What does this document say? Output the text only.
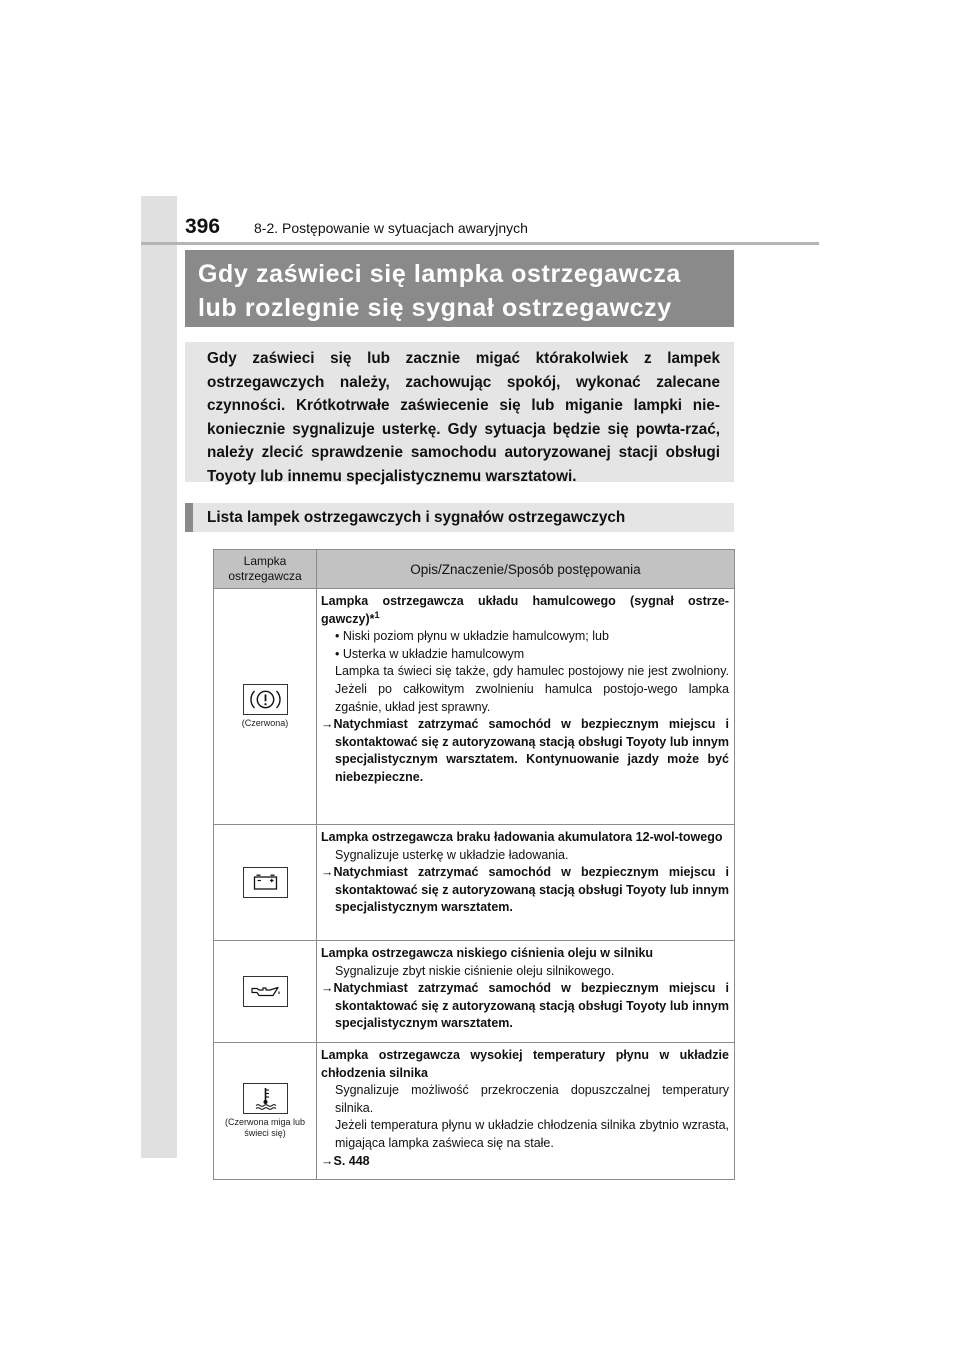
396 8-2. Postępowanie w sytuacjach awaryjnych
Gdy zaświeci się lampka ostrzegawcza
lub rozlegnie się sygnał ostrzegawczy
Gdy zaświeci się lub zacznie migać którakolwiek z lampek ostrzegawczych należy, zachowując spokój, wykonać zalecane czynności. Krótkotrwałe zaświecenie się lub miganie lampki nie-koniecznie sygnalizuje usterkę. Gdy sytuacja będzie się powta-rzać, należy zlecić sprawdzenie samochodu autoryzowanej stacji obsługi Toyoty lub innemu specjalistycznemu warsztatowi.
Lista lampek ostrzegawczych i sygnałów ostrzegawczych
Lampka ostrzegawcza	Opis/Znaczenie/Sposób postępowania

(Czerwona)	Lampka ostrzegawcza układu hamulcowego (sygnał ostrze-gawczy)*$^1$
• Niski poziom płynu w układzie hamulcowym; lub
• Usterka w układzie hamulcowym
Lampka ta świeci się także, gdy hamulec postojowy nie jest zwolniony. Jeżeli po całkowitym zwolnieniu hamulca postojo-wego lampka zgaśnie, układ jest sprawny.
→Natychmiast zatrzymać samochód w bezpiecznym miejscu i skontaktować się z autoryzowaną stacją obsługi Toyoty lub innym specjalistycznym warsztatem. Kontynuowanie jazdy może być niebezpieczne.

Lampka ostrzegawcza braku ładowania akumulatora 12-wol-towego
Sygnalizuje usterkę w układzie ładowania.
→Natychmiast zatrzymać samochód w bezpiecznym miejscu i skontaktować się z autoryzowaną stacją obsługi Toyoty lub innym specjalistycznym warsztatem.

Lampka ostrzegawcza niskiego ciśnienia oleju w silniku
Sygnalizuje zbyt niskie ciśnienie oleju silnikowego.
→Natychmiast zatrzymać samochód w bezpiecznym miejscu i skontaktować się z autoryzowaną stacją obsługi Toyoty lub innym specjalistycznym warsztatem.

(Czerwona miga lub świeci się)	Lampka ostrzegawcza wysokiej temperatury płynu w układzie chłodzenia silnika
Sygnalizuje możliwość przekroczenia dopuszczalnej temperatury silnika.
Jeżeli temperatura płynu w układzie chłodzenia silnika zbytnio wzrasta, migająca lampka zaświeca się na stałe.
→S. 448
